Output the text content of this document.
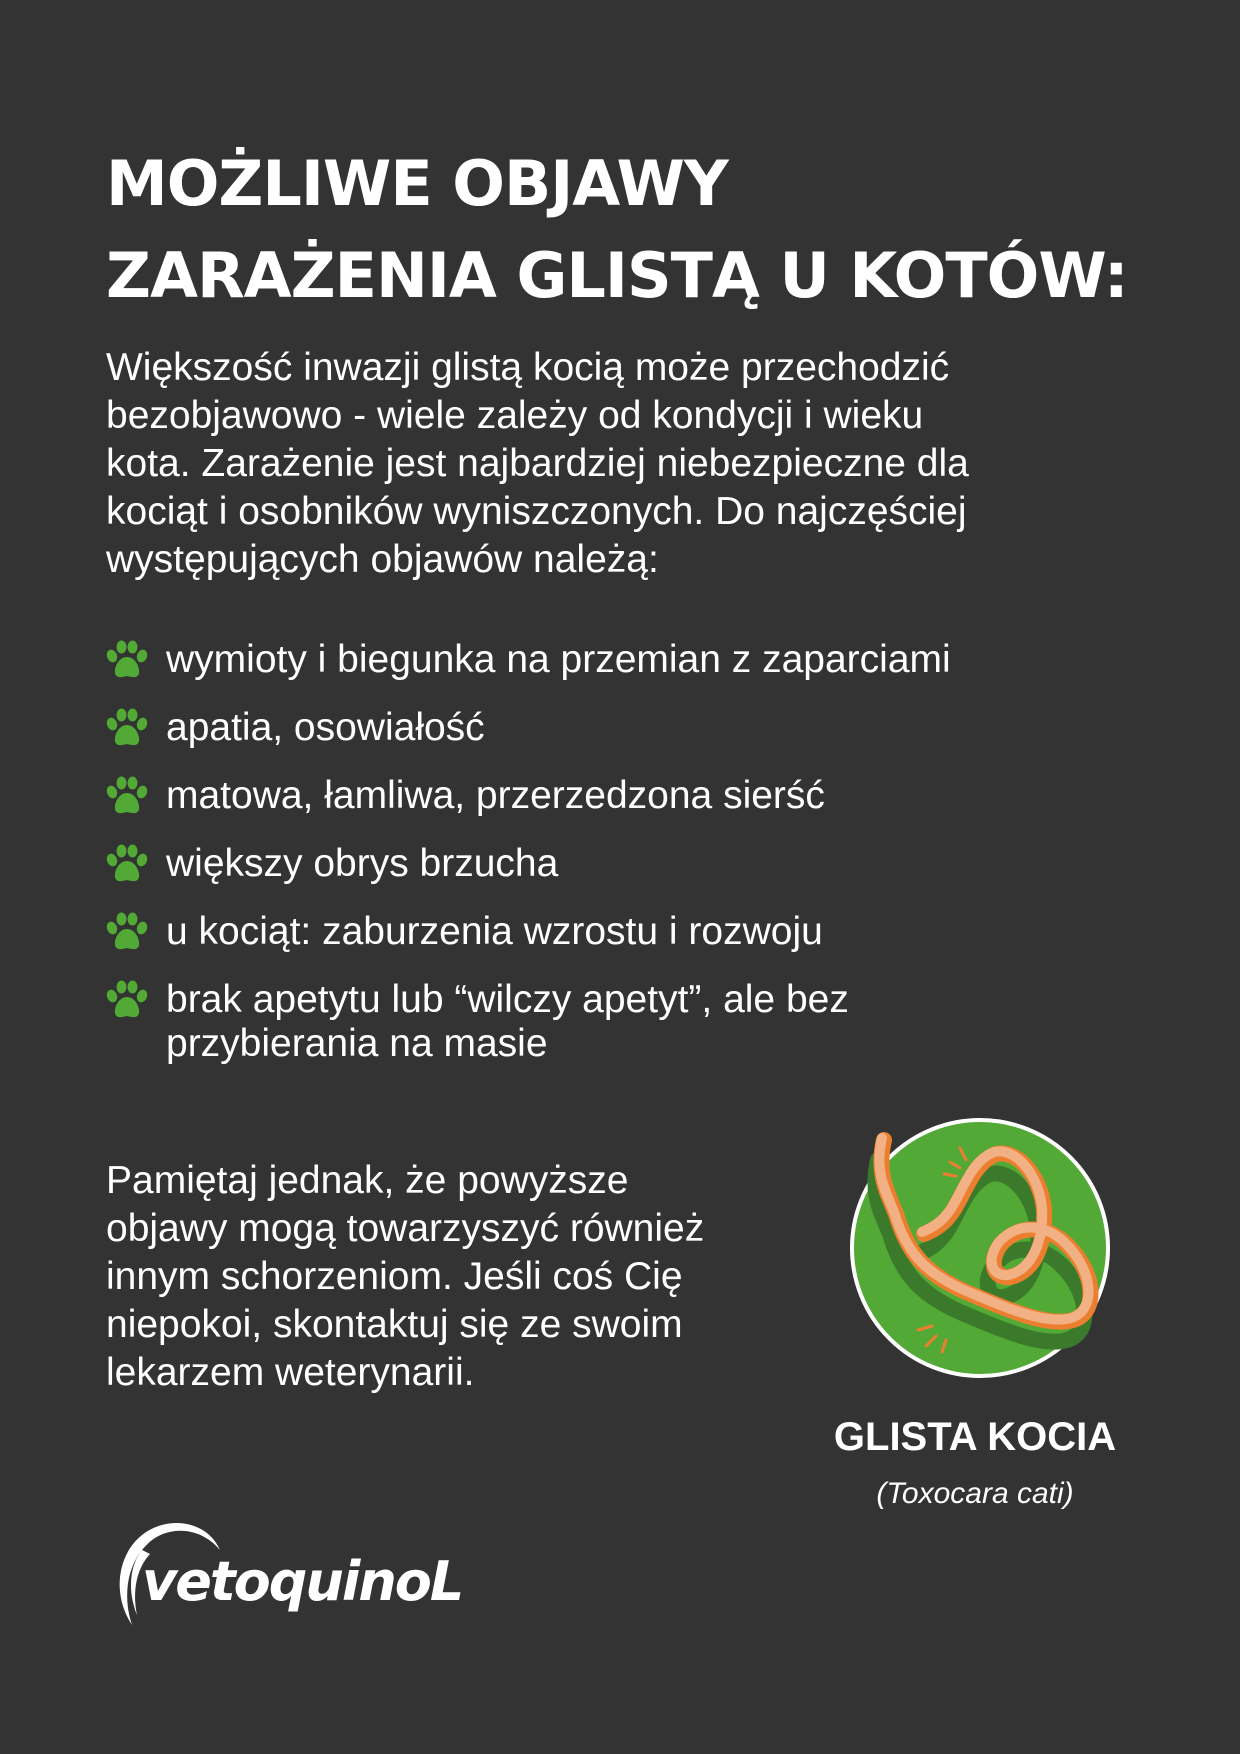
MOŻLIWE OBJAWY
ZARAŻENIA GLISTĄ U KOTÓW:
Większość inwazji glistą kocią może przechodzić
bezobjawowo - wiele zależy od kondycji i wieku
kota. Zarażenie jest najbardziej niebezpieczne dla
kociąt i osobników wyniszczonych. Do najczęściej
występujących objawów należą:
wymioty i biegunka na przemian z zaparciami
apatia, osowiałość
matowa, łamliwa, przerzedzona sierść
większy obrys brzucha
u kociąt: zaburzenia wzrostu i rozwoju
brak apetytu lub “wilczy apetyt”, ale bez
przybierania na masie
Pamiętaj jednak, że powyższe
objawy mogą towarzyszyć również
innym schorzeniom. Jeśli coś Cię
niepokoi, skontaktuj się ze swoim
lekarzem weterynarii.
GLISTA KOCIA
(Toxocara cati)
vetoquinoL
